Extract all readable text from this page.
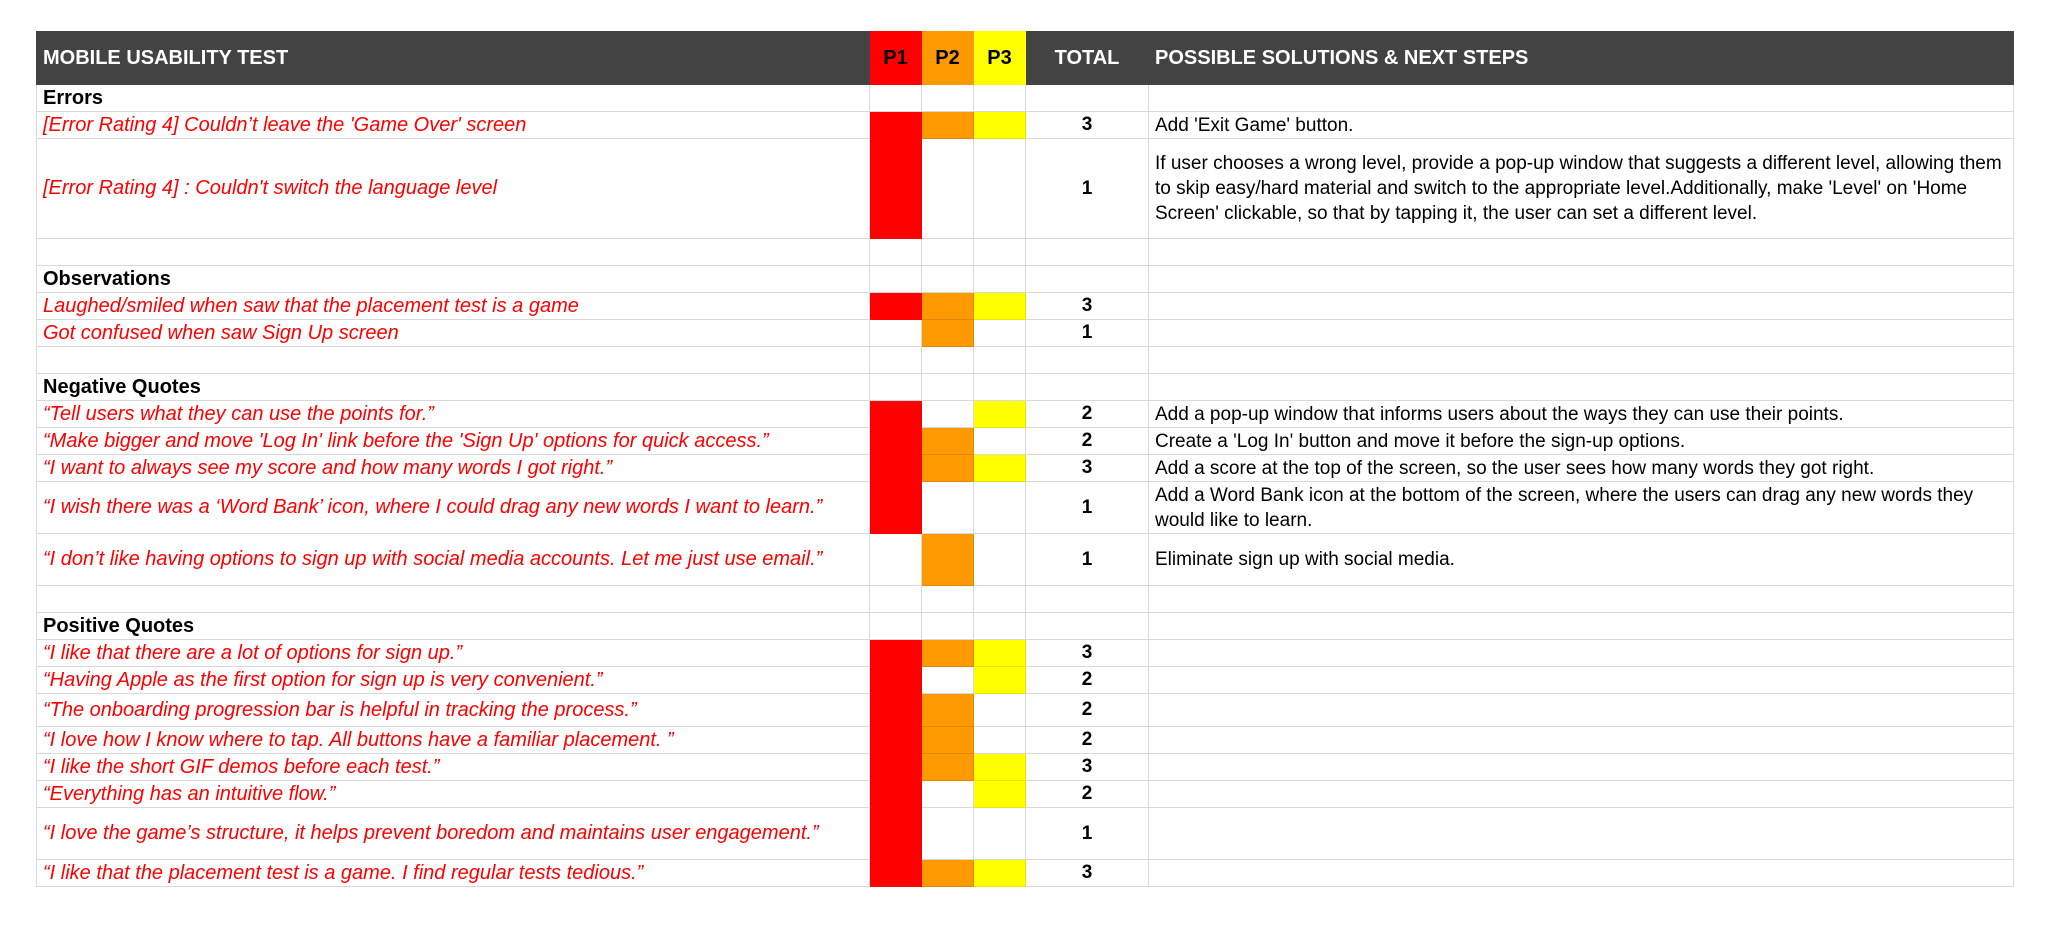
MOBILE USABILITY TEST	P1	P2	P3	TOTAL	POSSIBLE SOLUTIONS & NEXT STEPS
Errors					
[Error Rating 4] Couldn’t leave the 'Game Over' screen				3	Add 'Exit Game' button.
[Error Rating 4] : Couldn't switch the language level				1	If user chooses a wrong level, provide a pop-up window that suggests a different level, allowing them to skip easy/hard material and switch to the appropriate level.Additionally, make 'Level' on 'Home Screen' clickable, so that by tapping it, the user can set a different level.

Observations					
Laughed/smiled when saw that the placement test is a game				3	
Got confused when saw Sign Up screen				1	

Negative Quotes					
“Tell users what they can use the points for.”				2	Add a pop-up window that informs users about the ways they can use their points.
“Make bigger and move 'Log In' link before the 'Sign Up' options for quick access.”				2	Create a 'Log In' button and move it before the sign-up options.
“I want to always see my score and how many words I got right.”				3	Add a score at the top of the screen, so the user sees how many words they got right.
“I wish there was a ‘Word Bank’ icon, where I could drag any new words I want to learn.”				1	Add a Word Bank icon at the bottom of the screen, where the users can drag any new words they would like to learn.
“I don’t like having options to sign up with social media accounts. Let me just use email.”				1	Eliminate sign up with social media.

Positive Quotes					
“I like that there are a lot of options for sign up.”				3	
“Having Apple as the first option for sign up is very convenient.”				2	
“The onboarding progression bar is helpful in tracking the process.”				2	
“I love how I know where to tap. All buttons have a familiar placement. ”				2	
“I like the short GIF demos before each test.”				3	
“Everything has an intuitive flow.”				2	
“I love the game’s structure, it helps prevent boredom and maintains user engagement.”				1	
“I like that the placement test is a game. I find regular tests tedious.”				3	
